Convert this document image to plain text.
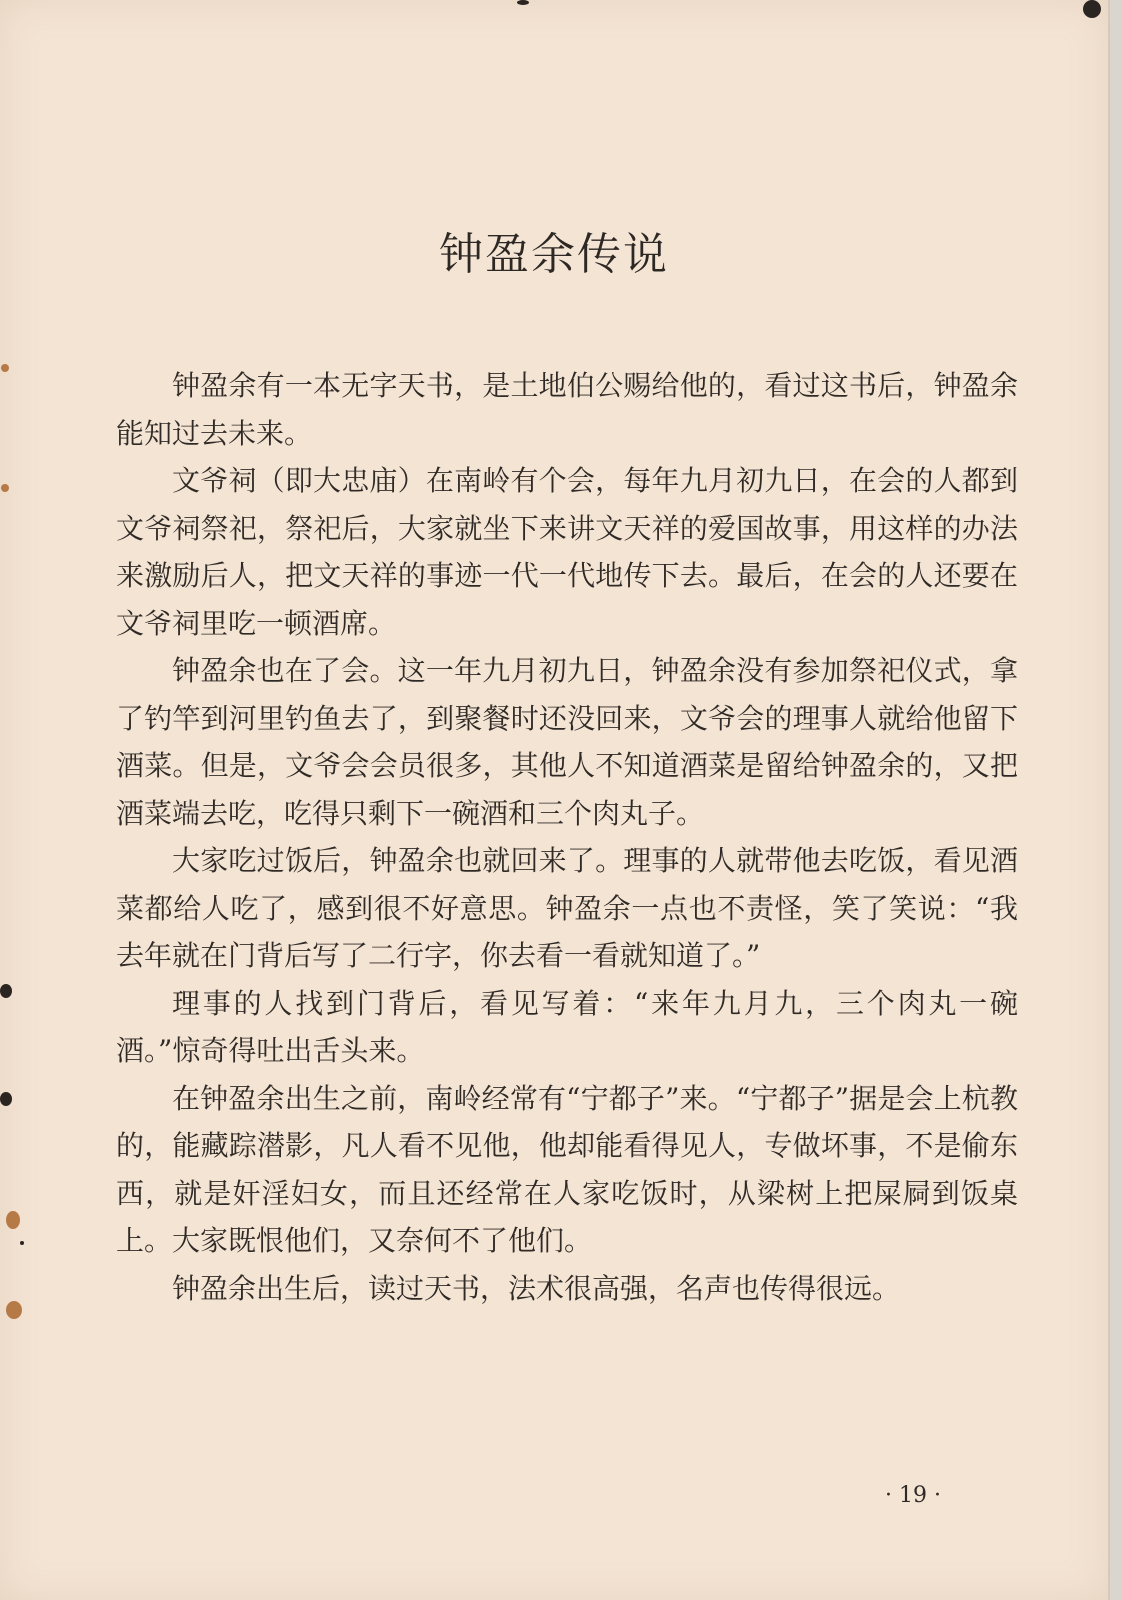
钟盈余传说

钟盈余有一本无字天书，是土地伯公赐给他的，看过这书后，钟盈余能知过去未来。

文爷祠（即大忠庙）在南岭有个会，每年九月初九日，在会的人都到文爷祠祭祀，祭祀后，大家就坐下来讲文天祥的爱国故事，用这样的办法来激励后人，把文天祥的事迹一代一代地传下去。最后，在会的人还要在文爷祠里吃一顿酒席。

钟盈余也在了会。这一年九月初九日，钟盈余没有参加祭祀仪式，拿了钓竿到河里钓鱼去了，到聚餐时还没回来，文爷会的理事人就给他留下酒菜。但是，文爷会会员很多，其他人不知道酒菜是留给钟盈余的，又把酒菜端去吃，吃得只剩下一碗酒和三个肉丸子。

大家吃过饭后，钟盈余也就回来了。理事的人就带他去吃饭，看见酒菜都给人吃了，感到很不好意思。钟盈余一点也不责怪，笑了笑说：“我去年就在门背后写了二行字，你去看一看就知道了。”

理事的人找到门背后，看见写着：“来年九月九，三个肉丸一碗酒。”惊奇得吐出舌头来。

在钟盈余出生之前，南岭经常有“宁都子”来。“宁都子”据是会上杭教的，能藏踪潜影，凡人看不见他，他却能看得见人，专做坏事，不是偷东西，就是奸淫妇女，而且还经常在人家吃饭时，从梁树上把屎屙到饭桌上。大家既恨他们，又奈何不了他们。

钟盈余出生后，读过天书，法术很高强，名声也传得很远。

· 19 ·
